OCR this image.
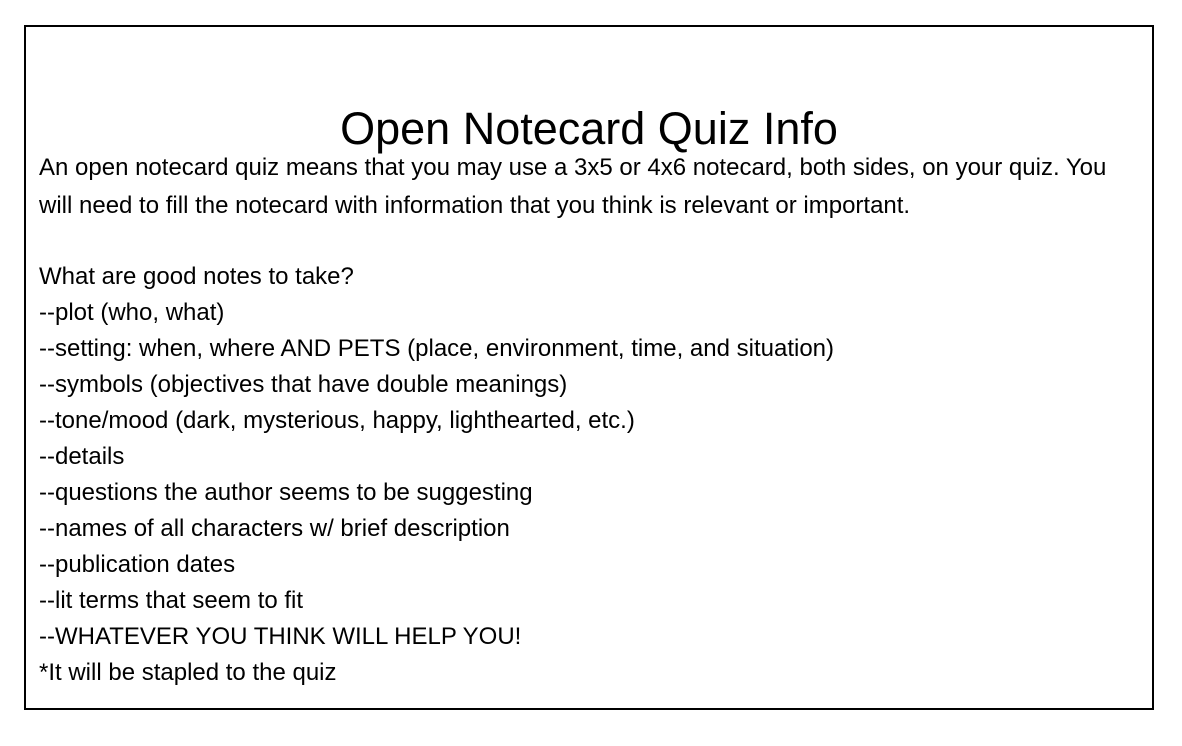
Open Notecard Quiz Info

An open notecard quiz means that you may use a 3x5 or 4x6 notecard, both sides, on your quiz. You will need to fill the notecard with information that you think is relevant or important.

What are good notes to take?

--plot (who, what)
--setting: when, where AND PETS (place, environment, time, and situation)
--symbols (objectives that have double meanings)
--tone/mood (dark, mysterious, happy, lighthearted, etc.)
--details
--questions the author seems to be suggesting
--names of all characters w/ brief description
--publication dates
--lit terms that seem to fit
--WHATEVER YOU THINK WILL HELP YOU!

*It will be stapled to the quiz
